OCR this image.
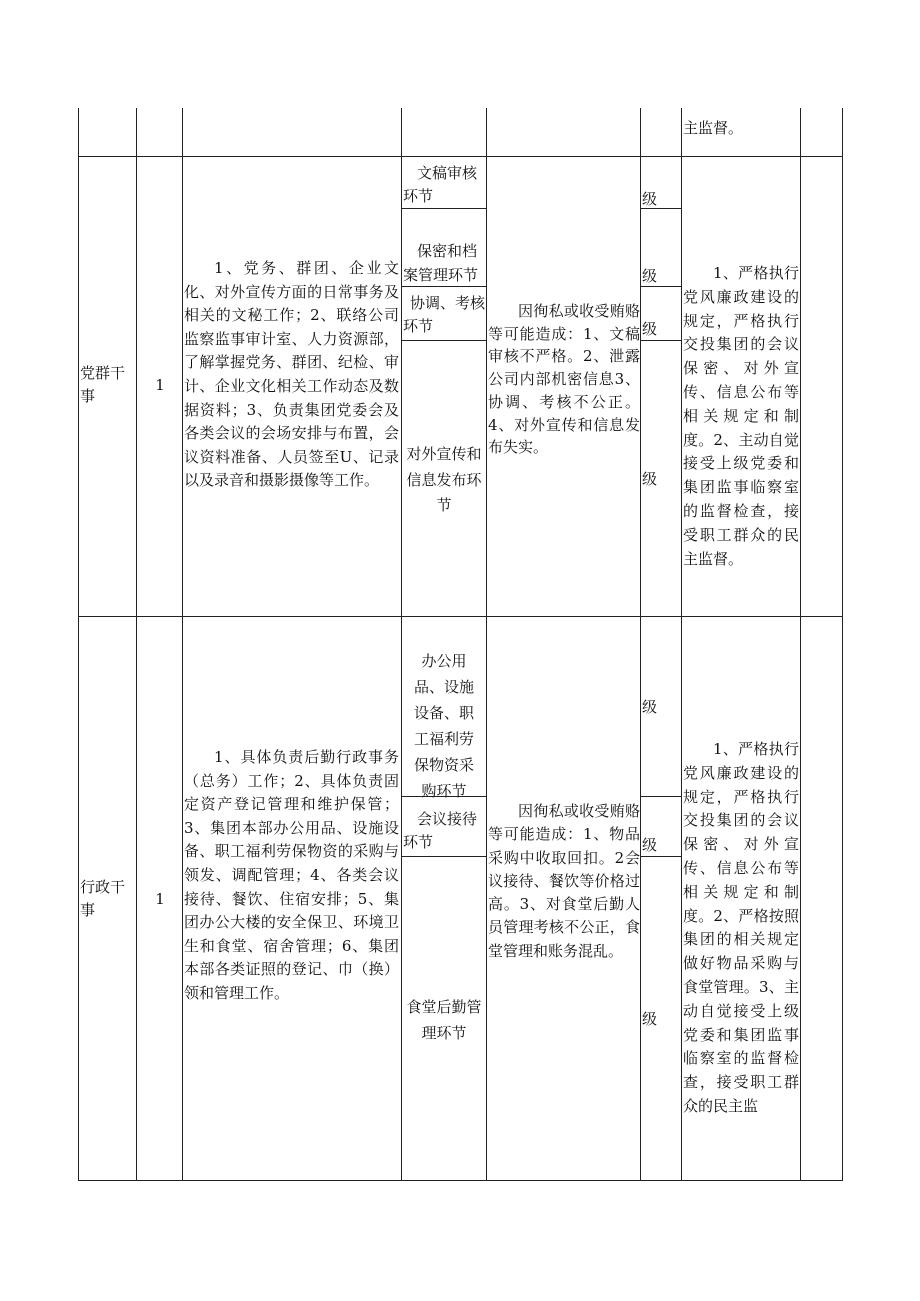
主监督。
党群干事
1
1、党务、群团、企业文化、对外宣传方面的日常事务及相关的文秘工作；2、联络公司监察监事审计室、人力资源部，了解掌握党务、群团、纪检、审计、企业文化相关工作动态及数据资料；3、负责集团党委会及各类会议的会场安排与布置，会议资料准备、人员签至U、记录以及录音和摄影摄像等工作。
文稿审核环节
保密和档案管理环节
协调、考核环节
对外宣传和信息发布环节
因徇私或收受贿赂等可能造成：1、文稿审核不严格。2、泄露公司内部机密信息3、协调、考核不公正。4、对外宣传和信息发布失实。
级
级
级
级
1、严格执行党风廉政建设的规定，严格执行交投集团的会议保密、对外宣传、信息公布等相关规定和制度。2、主动自觉接受上级党委和集团监事临察室的监督检查，接受职工群众的民主监督。
行政干事
1
1、具体负责后勤行政事务（总务）工作；2、具体负责固定资产登记管理和维护保管；3、集团本部办公用品、设施设备、职工福利劳保物资的采购与领发、调配管理；4、各类会议接待、餐饮、住宿安排；5、集团办公大楼的安全保卫、环境卫生和食堂、宿舍管理；6、集团本部各类证照的登记、巾（换）领和管理工作。
办公用品、设施设备、职工福利劳保物资采购环节
会议接待环节
食堂后勤管理环节
因徇私或收受贿赂等可能造成：1、物品采购中收取回扣。2会议接待、餐饮等价格过高。3、对食堂后勤人员管理考核不公正，食堂管理和账务混乱。
级
级
级
1、严格执行党风廉政建设的规定，严格执行交投集团的会议保密、对外宣传、信息公布等相关规定和制度。2、严格按照集团的相关规定做好物品采购与食堂管理。3、主动自觉接受上级党委和集团监事临察室的监督检查，接受职工群众的民主监
